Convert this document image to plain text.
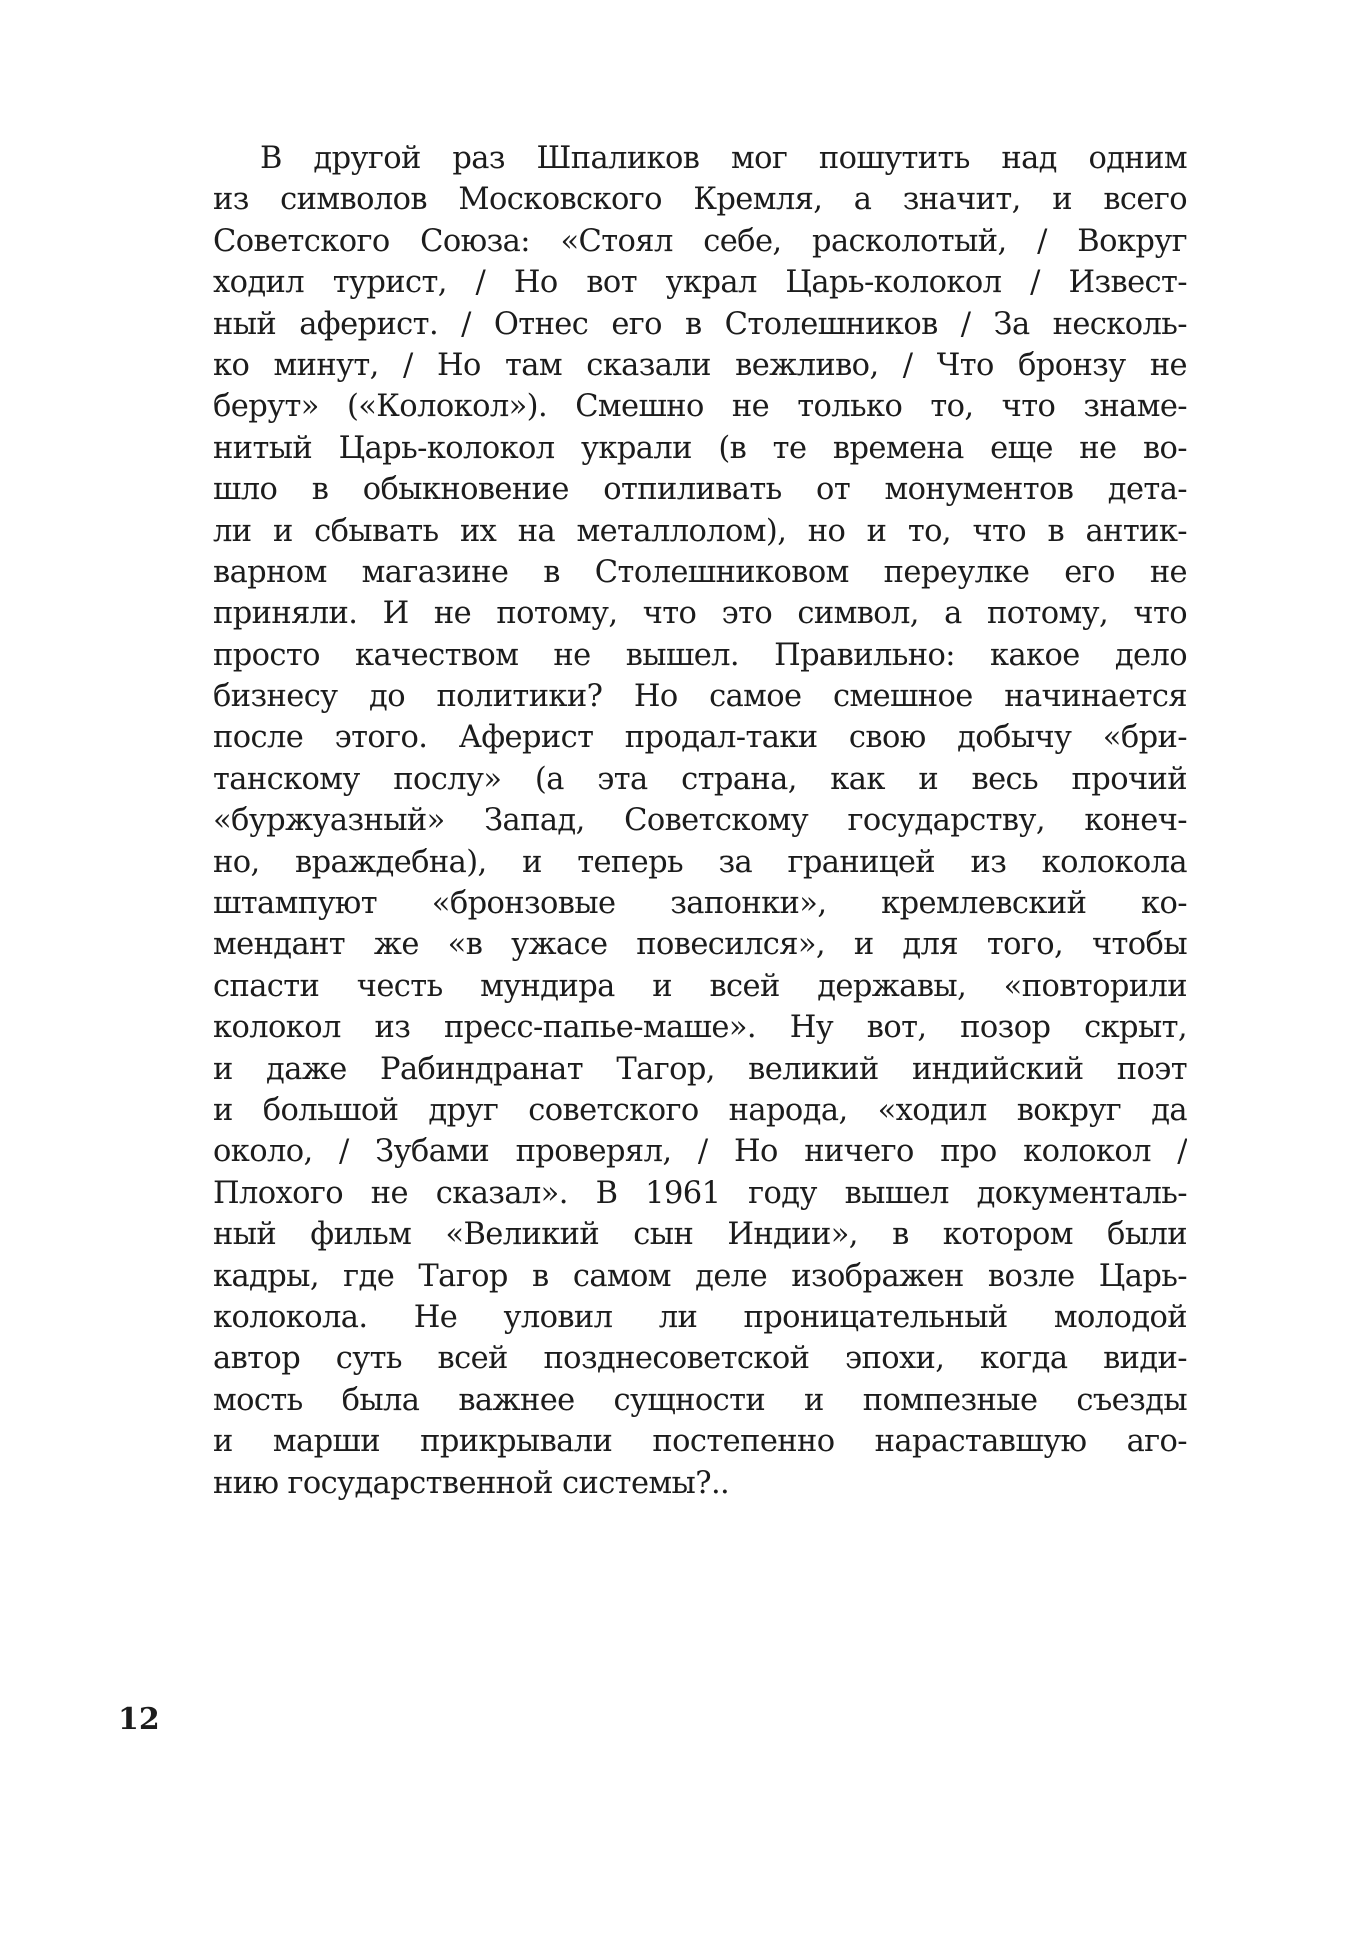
В другой раз Шпаликов мог пошутить над одним
из символов Московского Кремля, а значит, и всего
Советского Союза: «Стоял себе, расколотый, / Вокруг
ходил турист, / Но вот украл Царь-колокол / Извест-
ный аферист. / Отнес его в Столешников / За несколь-
ко минут, / Но там сказали вежливо, / Что бронзу не
берут» («Колокол»). Смешно не только то, что знаме-
нитый Царь-колокол украли (в те времена еще не во-
шло в обыкновение отпиливать от монументов дета-
ли и сбывать их на металлолом), но и то, что в антик-
варном магазине в Столешниковом переулке его не
приняли. И не потому, что это символ, а потому, что
просто качеством не вышел. Правильно: какое дело
бизнесу до политики? Но самое смешное начинается
после этого. Аферист продал-таки свою добычу «бри-
танскому послу» (а эта страна, как и весь прочий
«буржуазный» Запад, Советскому государству, конеч-
но, враждебна), и теперь за границей из колокола
штампуют «бронзовые запонки», кремлевский ко-
мендант же «в ужасе повесился», и для того, чтобы
спасти честь мундира и всей державы, «повторили
колокол из пресс-папье-маше». Ну вот, позор скрыт,
и даже Рабиндранат Тагор, великий индийский поэт
и большой друг советского народа, «ходил вокруг да
около, / Зубами проверял, / Но ничего про колокол /
Плохого не сказал». В 1961 году вышел документаль-
ный фильм «Великий сын Индии», в котором были
кадры, где Тагор в самом деле изображен возле Царь-
колокола. Не уловил ли проницательный молодой
автор суть всей позднесоветской эпохи, когда види-
мость была важнее сущности и помпезные съезды
и марши прикрывали постепенно нараставшую аго-
нию государственной системы?..
12
